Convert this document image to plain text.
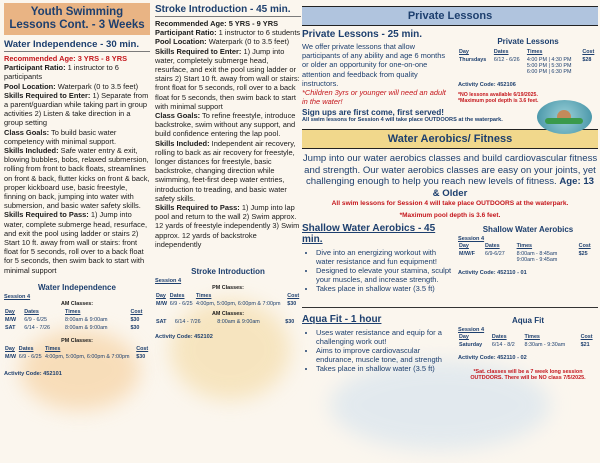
Youth Swimming Lessons Cont. - 3 Weeks
Water Independence - 30 min.
Recommended Age: 3 YRS - 8 YRS
Participant Ratio: 1 instructor to 6 participants
Pool Location: Waterpark (0 to 3.5 feet)
Skills Required to Enter: 1) Separate from a parent/guardian while taking part in group activities 2) Listen & take direction in a group setting
Class Goals: To build basic water competency with minimal support.
Skills Included: Safe water entry & exit, blowing bubbles, bobs, relaxed submersion, rolling from front to back floats, streamlines on front & back, flutter kicks on front & back, proper kickboard use, basic freestyle, finning on back, jumping into water with submersion, and basic water safety skills.
Skills Required to Pass: 1) Jump into water, complete submerge head, resurface, and exit the pool using ladder or stairs 2) Start 10 ft. away from wall or stairs: front float for 5 seconds, roll over to a back float for 5 seconds, then swim back to start with minimal support
Water Independence
Session 4
AM Classes:
Day	Dates	Times	Cost
M/W	6/9 - 6/25	8:00am & 9:00am	$30
SAT	6/14 - 7/26	8:00am & 9:00am	$30
PM Classes:
Day	Dates	Times	Cost
M/W	6/9 - 6/25	4:00pm, 5:00pm, 6:00pm & 7:00pm	$30
Activity Code: 452101
Stroke Introduction - 45 min.
Recommended Age: 5 YRS - 9 YRS
Participant Ratio: 1 instructor to 6 students
Pool Location: Waterpark (0 to 3.5 feet)
Skills Required to Enter: 1) Jump into water, completely submerge head, resurface, and exit the pool using ladder or stairs 2) Start 10 ft. away from wall or stairs: front float for 5 seconds, roll over to a back float for 5 seconds, then swim back to start with minimal support
Class Goals: To refine freestyle, introduce backstroke, swim without any support, and build confidence entering the lap pool.
Skills Included: Independent air recovery, rolling to back as air recovery for freestyle, longer distances for freestyle, basic backstroke, changing direction while swimming, feet-first deep water entries, introduction to treading, and basic water safety skills.
Skills Required to Pass: 1) Jump into lap pool and return to the wall 2) Swim approx. 12 yards of freestyle independently 3) Swim approx. 12 yards of backstroke independently
Stroke Introduction
Session 4
PM Classes:
Day	Dates	Times	Cost
M/W	6/9 - 6/25	4:00pm, 5:00pm, 6:00pm & 7:00pm	$30
AM Classes:
SAT	6/14 - 7/26	8:00am & 9:00am	$30
Activity Code: 452102
Private Lessons
Private Lessons - 25 min.
We offer private lessons that allow participants of any ability and age 6 months or older an opportunity for one-on-one attention and feedback from quality instructors.
*Children 3yrs or younger will need an adult in the water!
Private Lessons
Day	Dates	Times	Cost
Thursdays	6/12 - 6/26	4:00 PM | 4:30 PM
5:00 PM | 5:30 PM
6:00 PM | 6:30 PM	$28
Activity Code: 452106
*NO lessons available 6/19/2025.
*Maximum pool depth is 3.6 feet.
Sign ups are first come, first served!
All swim lessons for Session 4 will take place OUTDOORS at the waterpark.
Water Aerobics/ Fitness
Jump into our water aerobics classes and build cardiovascular fitness and strength. Our water aerobics classes are easy on your joints, yet challenging enough to help you reach new levels of fitness. Age: 13 & Older
All swim lessons for Session 4 will take place OUTDOORS at the waterpark.
*Maximum pool depth is 3.6 feet.
Shallow Water Aerobics - 45 min.
• Dive into an energizing workout with water resistance and fun equipment!
• Designed to elevate your stamina, sculpt your muscles, and increase strength.
• Takes place in shallow water (3.5 ft)
Shallow Water Aerobics
Session 4
Day	Dates	Times	Cost
M/W/F	6/9-6/27	8:00am - 8:45am
9:00am - 9:45am	$25
Activity Code: 452110 - 01
Aqua Fit - 1 hour
• Uses water resistance and equip for a challenging work out!
• Aims to improve cardiovascular endurance, muscle tone, and strength
• Takes place in shallow water (3.5 ft)
Aqua Fit
Session 4
Day	Dates	Times	Cost
Saturday	6/14 - 8/2	8:30am - 9:30am	$21
Activity Code: 452110 - 02
*Sat. classes will be a 7 week long session OUTDOORS. There will be NO class 7/5/2025.
